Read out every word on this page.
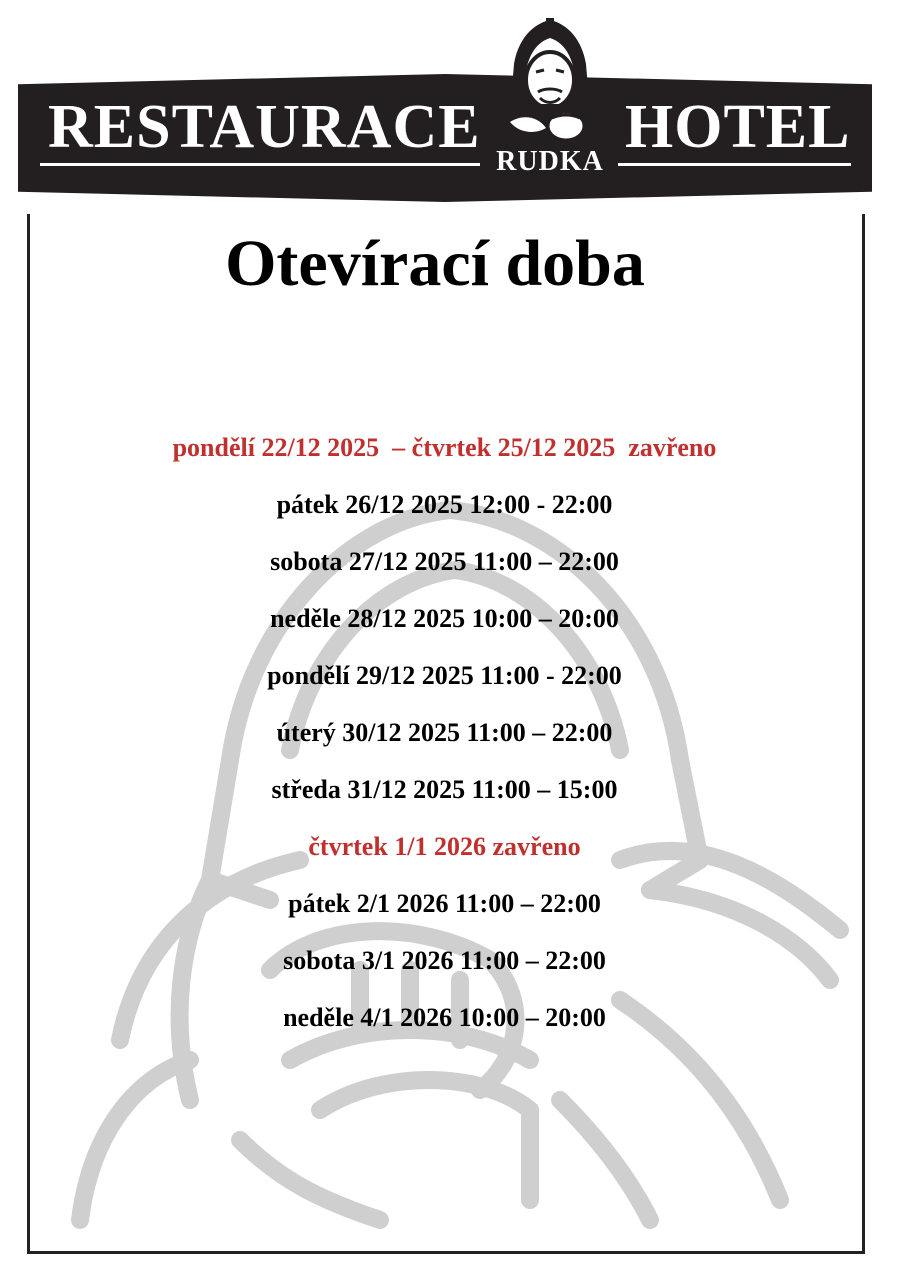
RESTAURACE HOTEL
RUDKA
Otevírací doba
pondělí 22/12 2025  – čtvrtek 25/12 2025  zavřeno
pátek 26/12 2025 12:00 - 22:00
sobota 27/12 2025 11:00 – 22:00
neděle 28/12 2025 10:00 – 20:00
pondělí 29/12 2025 11:00 - 22:00
úterý 30/12 2025 11:00 – 22:00
středa 31/12 2025 11:00 – 15:00
čtvrtek 1/1 2026 zavřeno
pátek 2/1 2026 11:00 – 22:00
sobota 3/1 2026 11:00 – 22:00
neděle 4/1 2026 10:00 – 20:00
